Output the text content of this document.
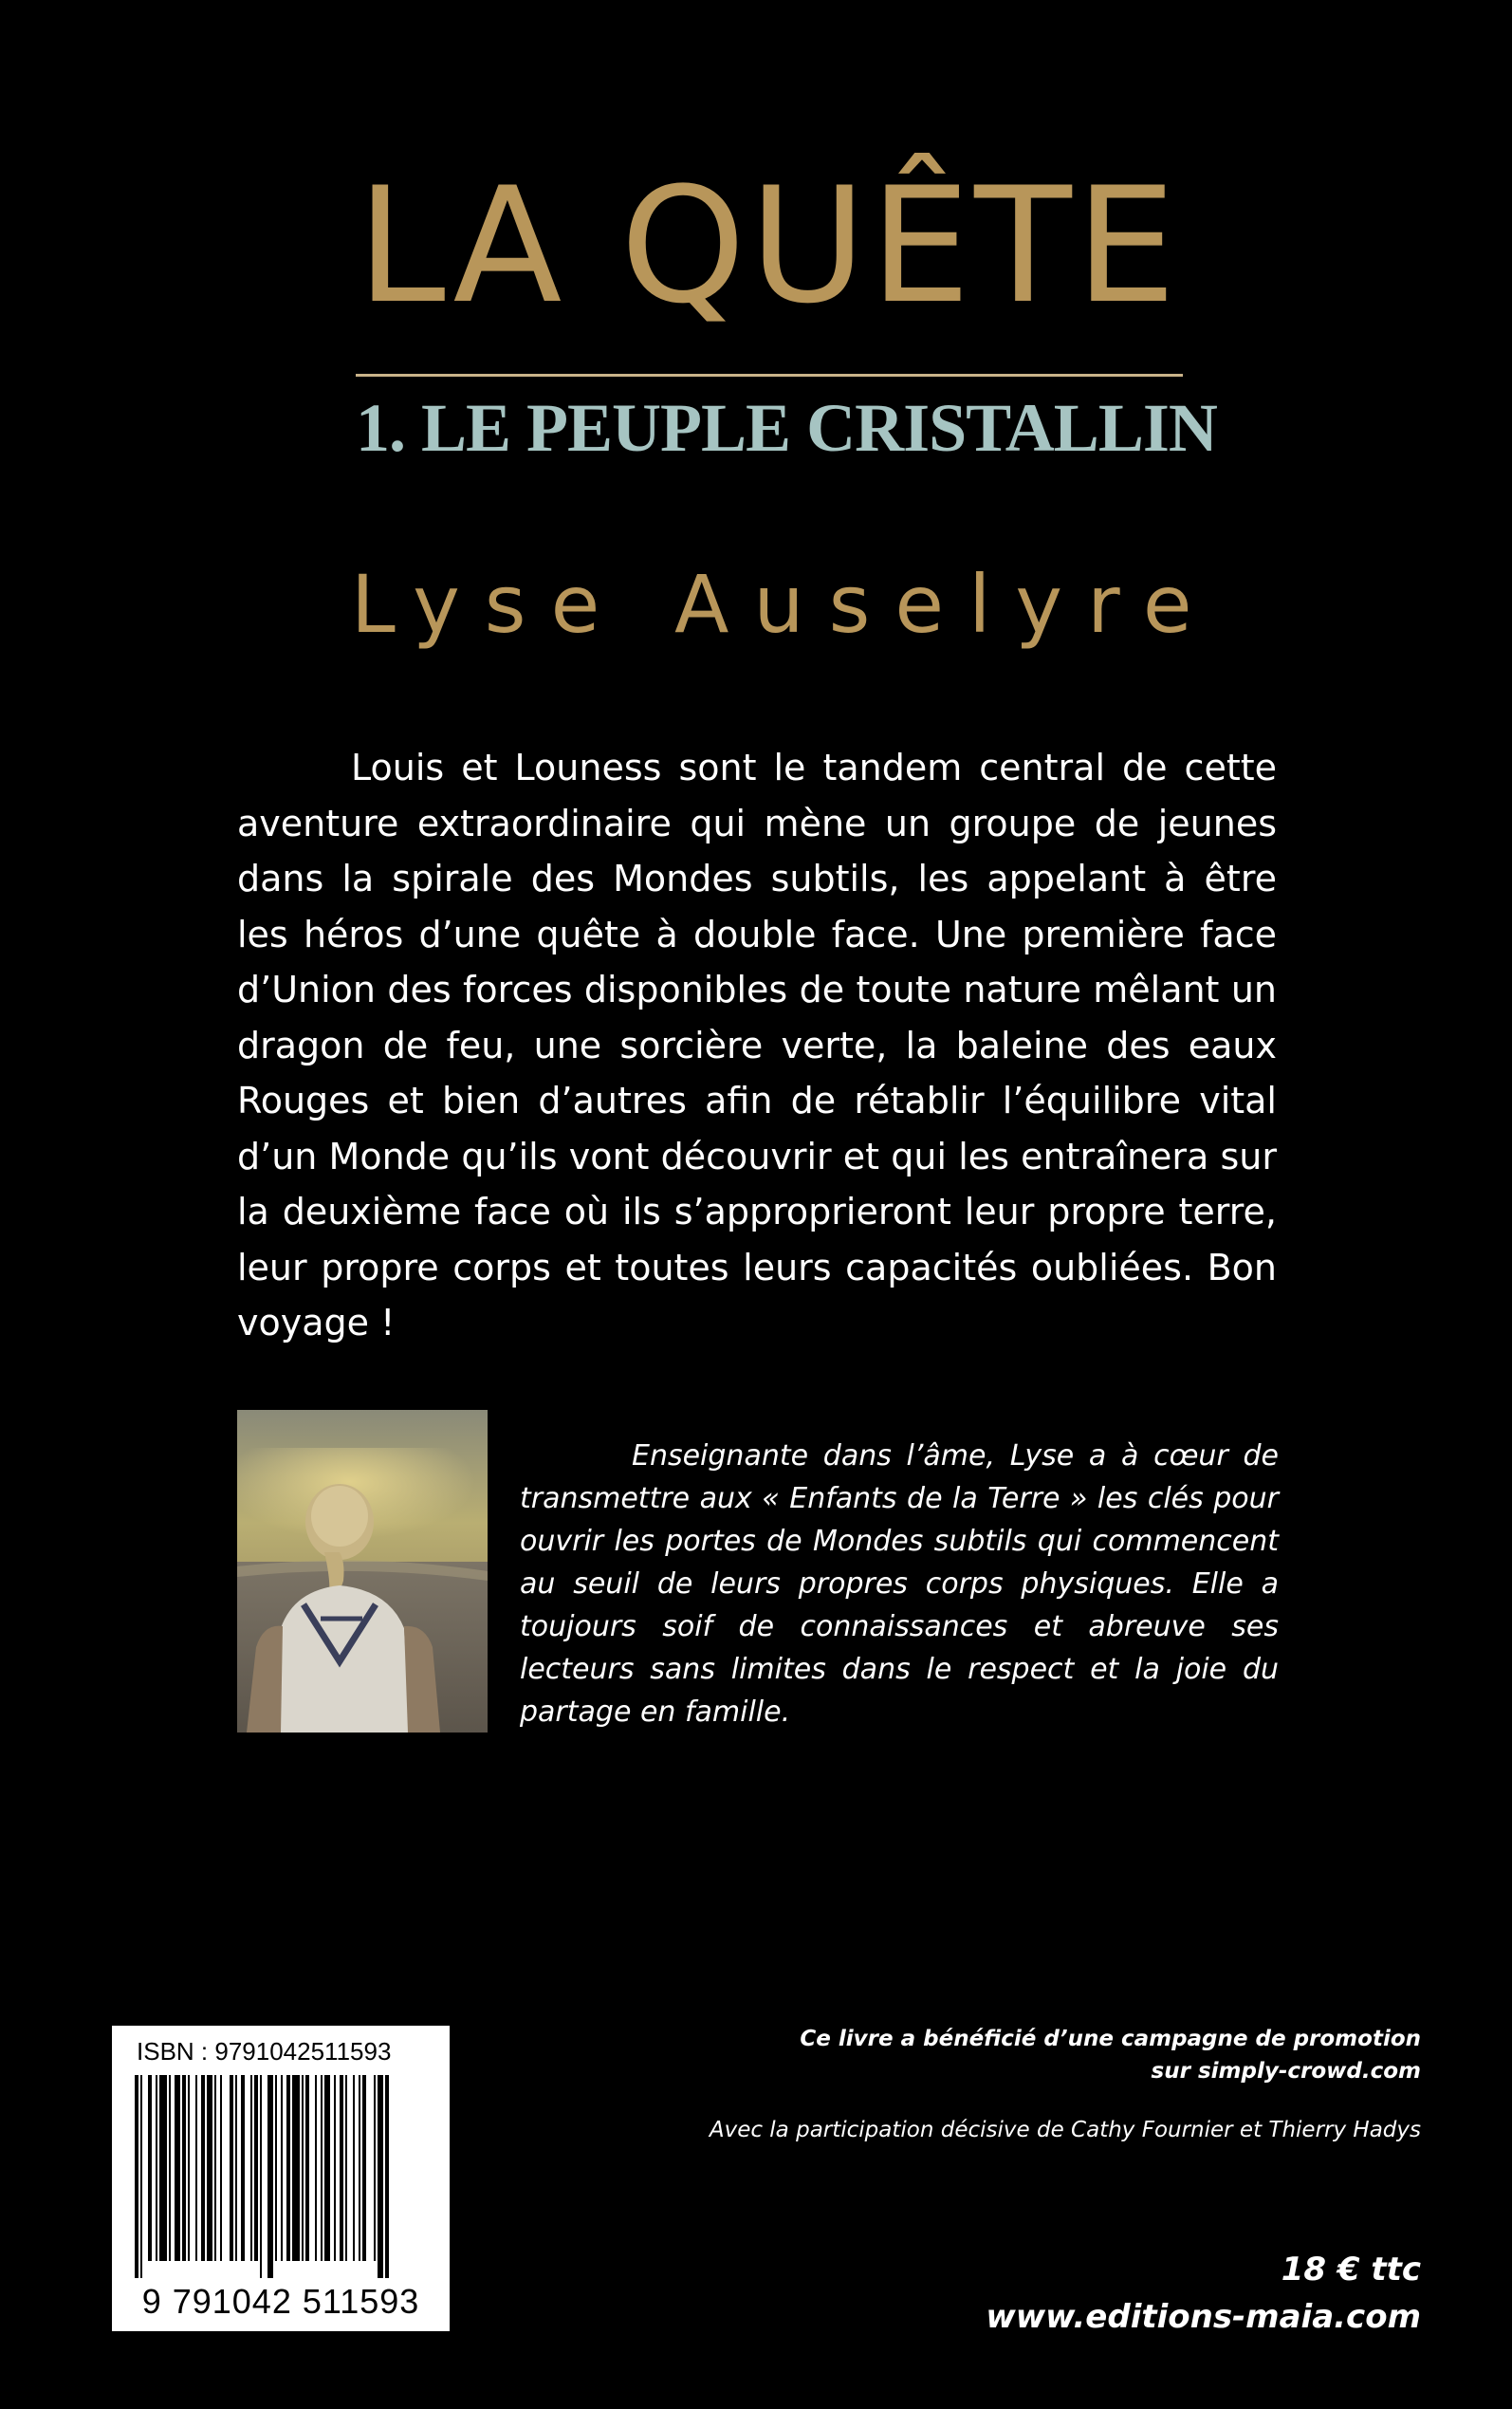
LA QUÊTE
1. LE PEUPLE CRISTALLIN
Lyse Auselyre

Louis et Louness sont le tandem central de cette aventure extraordinaire qui mène un groupe de jeunes dans la spirale des Mondes subtils, les appelant à être les héros d’une quête à double face. Une première face d’Union des forces disponibles de toute nature mêlant un dragon de feu, une sorcière verte, la baleine des eaux Rouges et bien d’autres afin de rétablir l’équilibre vital d’un Monde qu’ils vont découvrir et qui les entraînera sur la deuxième face où ils s’approprieront leur propre terre, leur propre corps et toutes leurs capacités oubliées. Bon voyage !

Enseignante dans l’âme, Lyse a à cœur de transmettre aux « Enfants de la Terre » les clés pour ouvrir les portes de Mondes subtils qui commencent au seuil de leurs propres corps physiques. Elle a toujours soif de connaissances et abreuve ses lecteurs sans limites dans le respect et la joie du partage en famille.

ISBN : 9791042511593
9 791042 511593
Ce livre a bénéficié d’une campagne de promotion
sur simply-crowd.com
Avec la participation décisive de Cathy Fournier et Thierry Hadys
18 € ttc
www.editions-maia.com
